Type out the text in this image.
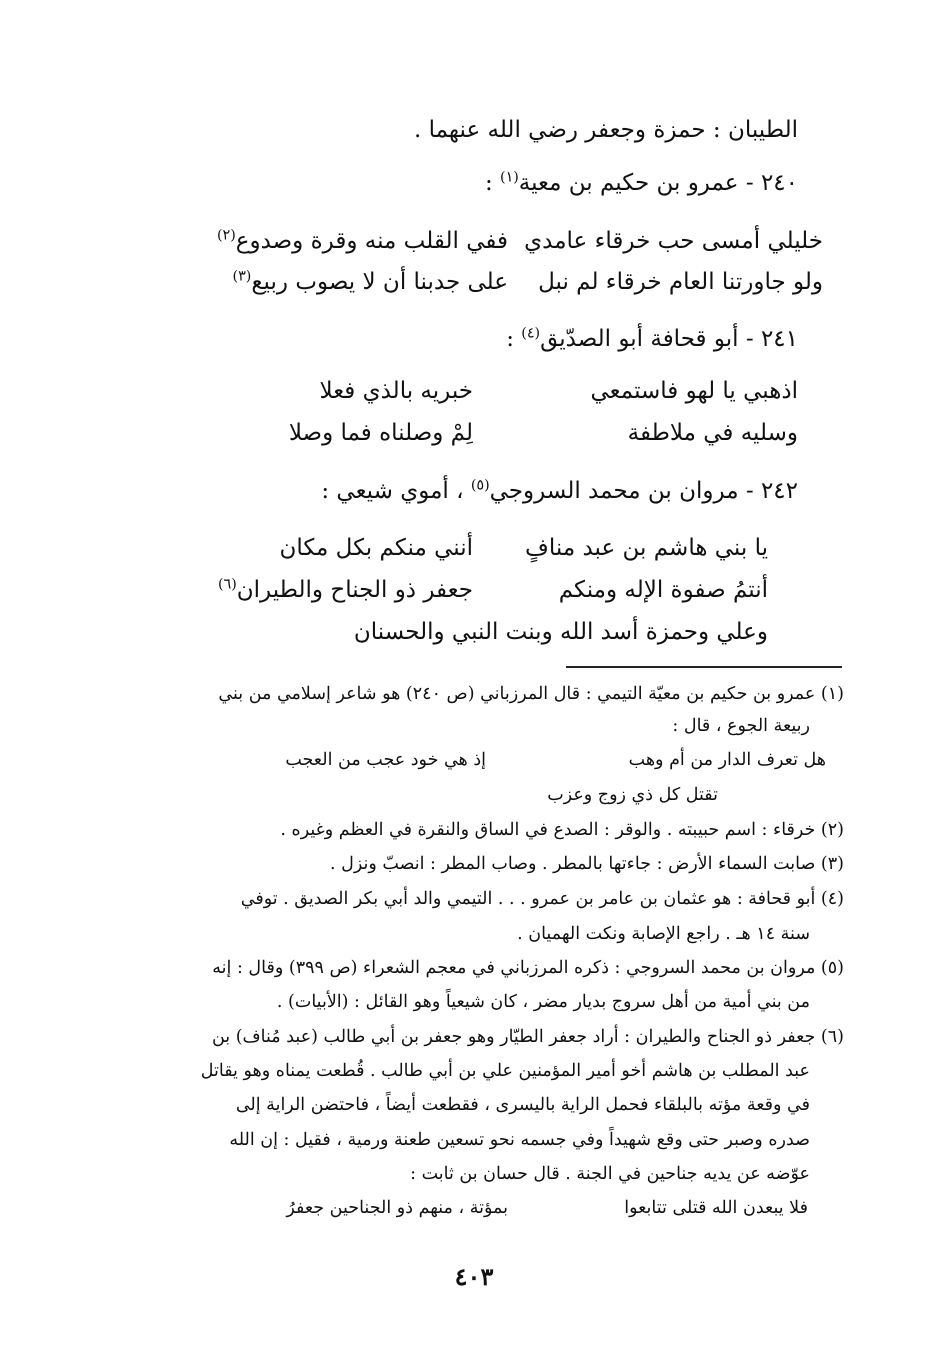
الطيبان : حمزة وجعفر رضي الله عنهما .
٢٤٠ - عمرو بن حكيم بن معية$^{(١)}$ :
خليلي أمسى حب خرقاء عامدي
ففي القلب منه وقرة وصدوع$^{(٢)}$
ولو جاورتنا العام خرقاء لم نبل
على جدبنا أن لا يصوب ربيع$^{(٣)}$
٢٤١ - أبو قحافة أبو الصدّيق$^{(٤)}$ :
اذهبي يا لهو فاستمعي
خبريه بالذي فعلا
وسليه في ملاطفة
لِمْ وصلناه فما وصلا
٢٤٢ - مروان بن محمد السروجي$^{(٥)}$ ، أموي شيعي :
يا بني هاشم بن عبد منافٍ
أنني منكم بكل مكان
أنتمُ صفوة الإله ومنكم
جعفر ذو الجناح والطيران$^{(٦)}$
وعلي وحمزة أسد الله وبنت النبي والحسنان
(١) عمرو بن حكيم بن معيّة التيمي : قال المرزباني (ص ٢٤٠) هو شاعر إسلامي من بني
ربيعة الجوع ، قال :
هل تعرف الدار من أم وهب
إذ هي خود عجب من العجب
تقتل كل ذي زوج وعزب
(٢) خرقاء : اسم حبيبته . والوقر : الصدع في الساق والنقرة في العظم وغيره .
(٣) صابت السماء الأرض : جاءتها بالمطر . وصاب المطر : انصبّ ونزل .
(٤) أبو قحافة : هو عثمان بن عامر بن عمرو . . . التيمي والد أبي بكر الصديق . توفي
سنة ١٤ هـ . راجع الإصابة ونكت الهميان .
(٥) مروان بن محمد السروجي : ذكره المرزباني في معجم الشعراء (ص ٣٩٩) وقال : إنه
من بني أمية من أهل سروج بديار مضر ، كان شيعياً وهو القائل : (الأبيات) .
(٦) جعفر ذو الجناح والطيران : أراد جعفر الطيّار وهو جعفر بن أبي طالب (عبد مُناف) بن
عبد المطلب بن هاشم أخو أمير المؤمنين علي بن أبي طالب . قُطعت يمناه وهو يقاتل
في وقعة مؤته بالبلقاء فحمل الراية باليسرى ، فقطعت أيضاً ، فاحتضن الراية إلى
صدره وصبر حتى وقع شهيداً وفي جسمه نحو تسعين طعنة ورمية ، فقيل : إن الله
عوّضه عن يديه جناحين في الجنة . قال حسان بن ثابت :
فلا يبعدن الله قتلى تتابعوا
بمؤتة ، منهم ذو الجناحين جعفرُ
٤٠٣
